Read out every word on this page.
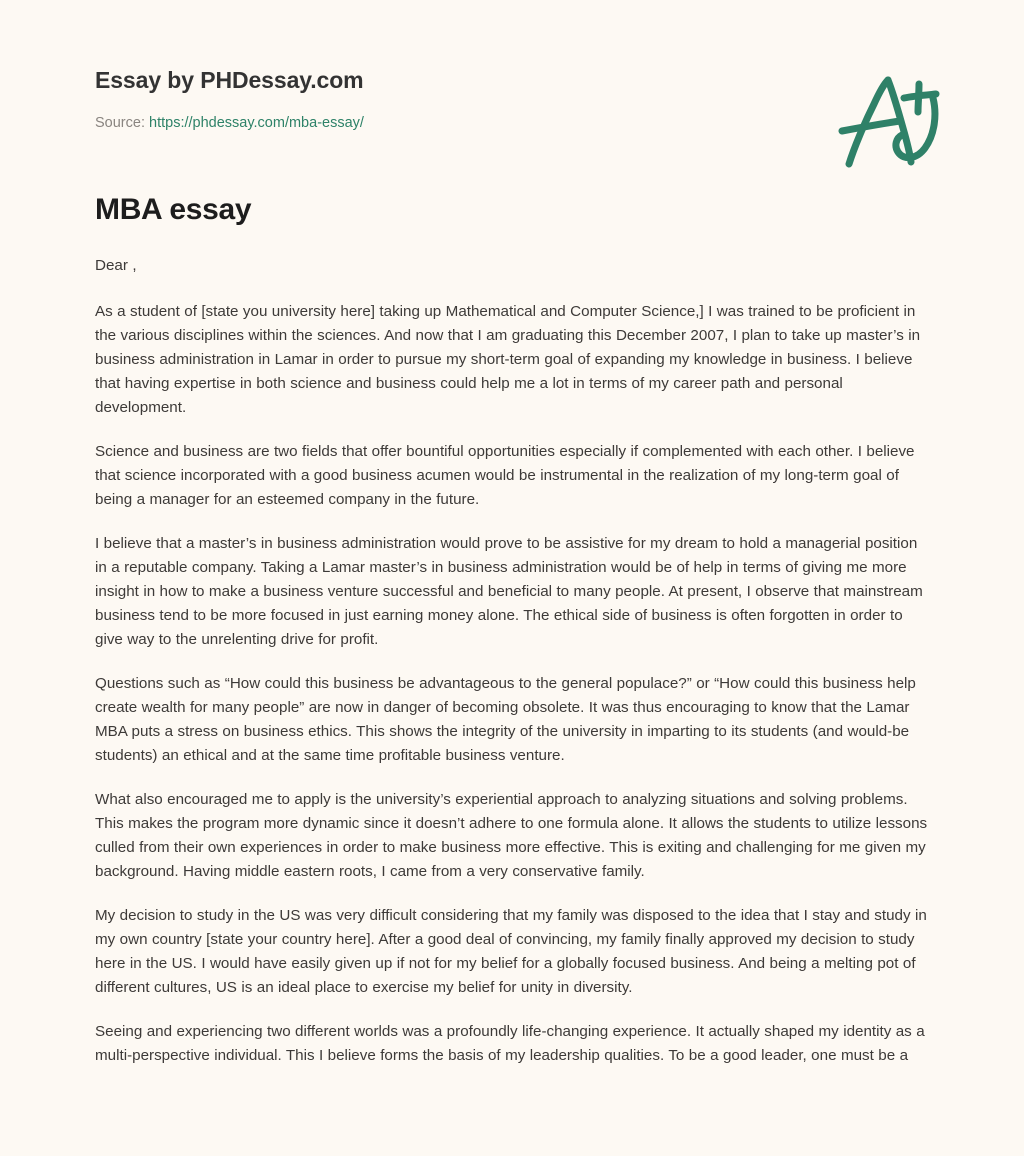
Essay by PHDessay.com
Source: https://phdessay.com/mba-essay/
MBA essay

Dear ,

As a student of [state you university here] taking up Mathematical and Computer Science,] I was trained to be proficient in the various disciplines within the sciences. And now that I am graduating this December 2007, I plan to take up master’s in business administration in Lamar in order to pursue my short-term goal of expanding my knowledge in business. I believe that having expertise in both science and business could help me a lot in terms of my career path and personal development.

Science and business are two fields that offer bountiful opportunities especially if complemented with each other. I believe that science incorporated with a good business acumen would be instrumental in the realization of my long-term goal of being a manager for an esteemed company in the future.

I believe that a master’s in business administration would prove to be assistive for my dream to hold a managerial position in a reputable company. Taking a Lamar master’s in business administration would be of help in terms of giving me more insight in how to make a business venture successful and beneficial to many people. At present, I observe that mainstream business tend to be more focused in just earning money alone. The ethical side of business is often forgotten in order to give way to the unrelenting drive for profit.

Questions such as “How could this business be advantageous to the general populace?” or “How could this business help create wealth for many people” are now in danger of becoming obsolete. It was thus encouraging to know that the Lamar MBA puts a stress on business ethics. This shows the integrity of the university in imparting to its students (and would-be students) an ethical and at the same time profitable business venture.

What also encouraged me to apply is the university’s experiential approach to analyzing situations and solving problems. This makes the program more dynamic since it doesn’t adhere to one formula alone. It allows the students to utilize lessons culled from their own experiences in order to make business more effective. This is exiting and challenging for me given my background. Having middle eastern roots, I came from a very conservative family.

My decision to study in the US was very difficult considering that my family was disposed to the idea that I stay and study in my own country [state your country here]. After a good deal of convincing, my family finally approved my decision to study here in the US. I would have easily given up if not for my belief for a globally focused business. And being a melting pot of different cultures, US is an ideal place to exercise my belief for unity in diversity.

Seeing and experiencing two different worlds was a profoundly life-changing experience. It actually shaped my identity as a multi-perspective individual. This I believe forms the basis of my leadership qualities. To be a good leader, one must be a
